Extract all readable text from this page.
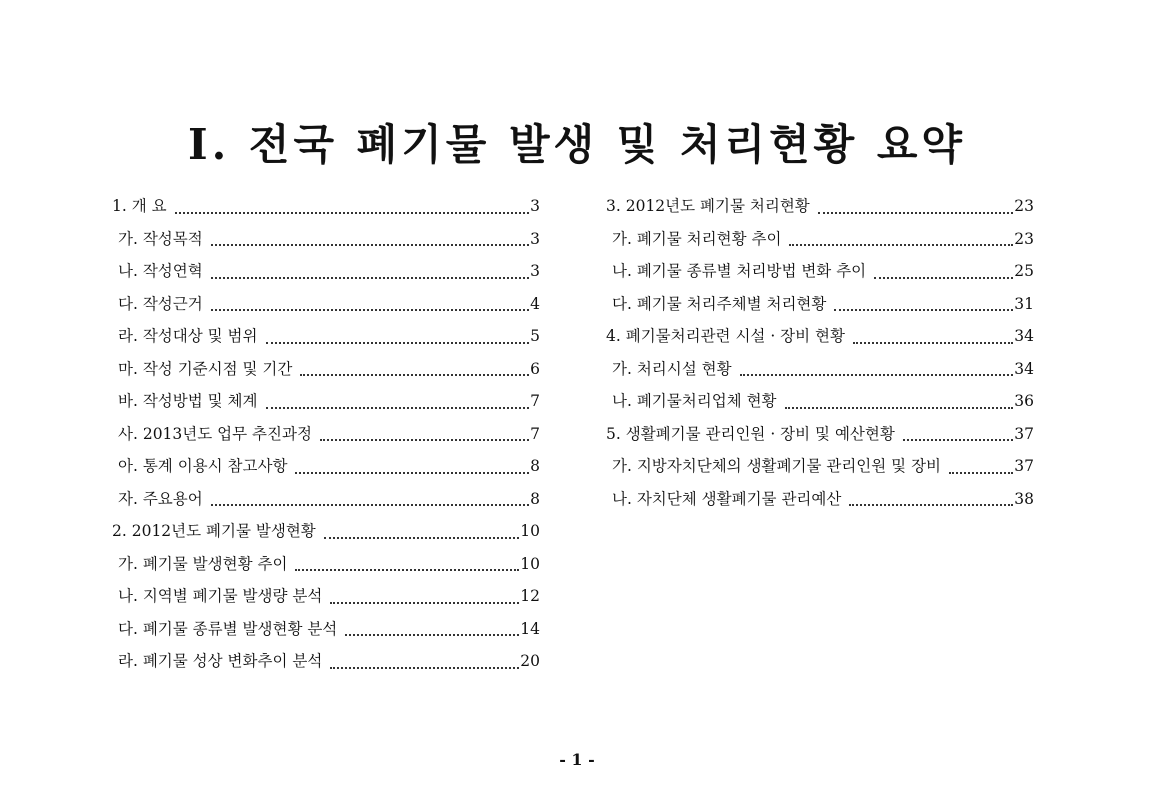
Ⅰ. 전국 폐기물 발생 및 처리현황 요약
1. 개 요	3
가. 작성목적	3
나. 작성연혁	3
다. 작성근거	4
라. 작성대상 및 범위	5
마. 작성 기준시점 및 기간	6
바. 작성방법 및 체계	7
사. 2013년도 업무 추진과정	7
아. 통계 이용시 참고사항	8
자. 주요용어	8
2. 2012년도 폐기물 발생현황	10
가. 폐기물 발생현황 추이	10
나. 지역별 폐기물 발생량 분석	12
다. 폐기물 종류별 발생현황 분석	14
라. 폐기물 성상 변화추이 분석	20
3. 2012년도 폐기물 처리현황	23
가. 폐기물 처리현황 추이	23
나. 폐기물 종류별 처리방법 변화 추이	25
다. 폐기물 처리주체별 처리현황	31
4. 폐기물처리관련 시설 · 장비 현황	34
가. 처리시설 현황	34
나. 폐기물처리업체 현황	36
5. 생활폐기물 관리인원 · 장비 및 예산현황	37
가. 지방자치단체의 생활폐기물 관리인원 및 장비	37
나. 자치단체 생활폐기물 관리예산	38
- 1 -
